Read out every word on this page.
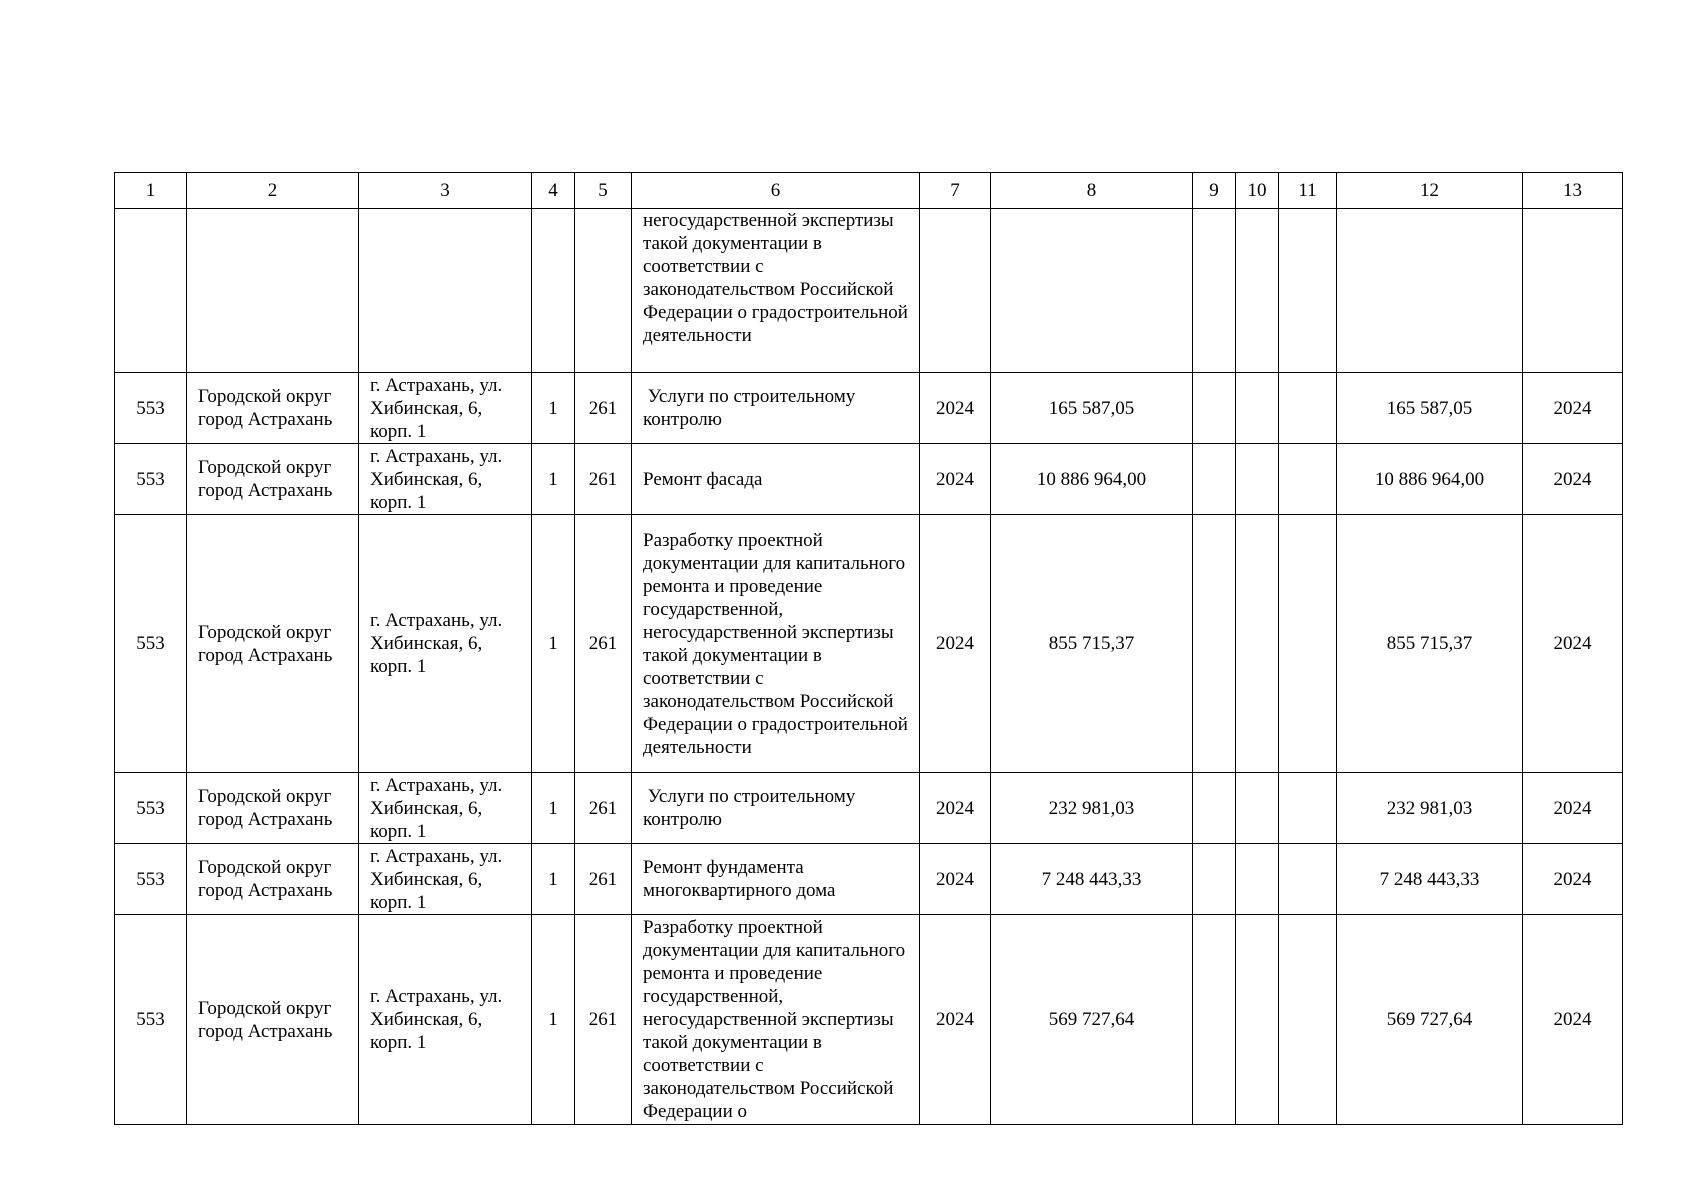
1	2	3	4	5	6	7	8	9	10	11	12	13
					негосударственной экспертизы такой документации в соответствии с законодательством Российской Федерации о градостроительной деятельности							
553	Городской округ город Астрахань	г. Астрахань, ул. Хибинская, 6, корп. 1	1	261	Услуги по строительному контролю	2024	165 587,05				165 587,05	2024
553	Городской округ город Астрахань	г. Астрахань, ул. Хибинская, 6, корп. 1	1	261	Ремонт фасада	2024	10 886 964,00				10 886 964,00	2024
553	Городской округ город Астрахань	г. Астрахань, ул. Хибинская, 6, корп. 1	1	261	Разработку проектной документации для капитального ремонта и проведение государственной, негосударственной экспертизы такой документации в соответствии с законодательством Российской Федерации о градостроительной деятельности	2024	855 715,37				855 715,37	2024
553	Городской округ город Астрахань	г. Астрахань, ул. Хибинская, 6, корп. 1	1	261	Услуги по строительному контролю	2024	232 981,03				232 981,03	2024
553	Городской округ город Астрахань	г. Астрахань, ул. Хибинская, 6, корп. 1	1	261	Ремонт фундамента многоквартирного дома	2024	7 248 443,33				7 248 443,33	2024
553	Городской округ город Астрахань	г. Астрахань, ул. Хибинская, 6, корп. 1	1	261	Разработку проектной документации для капитального ремонта и проведение государственной, негосударственной экспертизы такой документации в соответствии с законодательством Российской Федерации о	2024	569 727,64				569 727,64	2024
